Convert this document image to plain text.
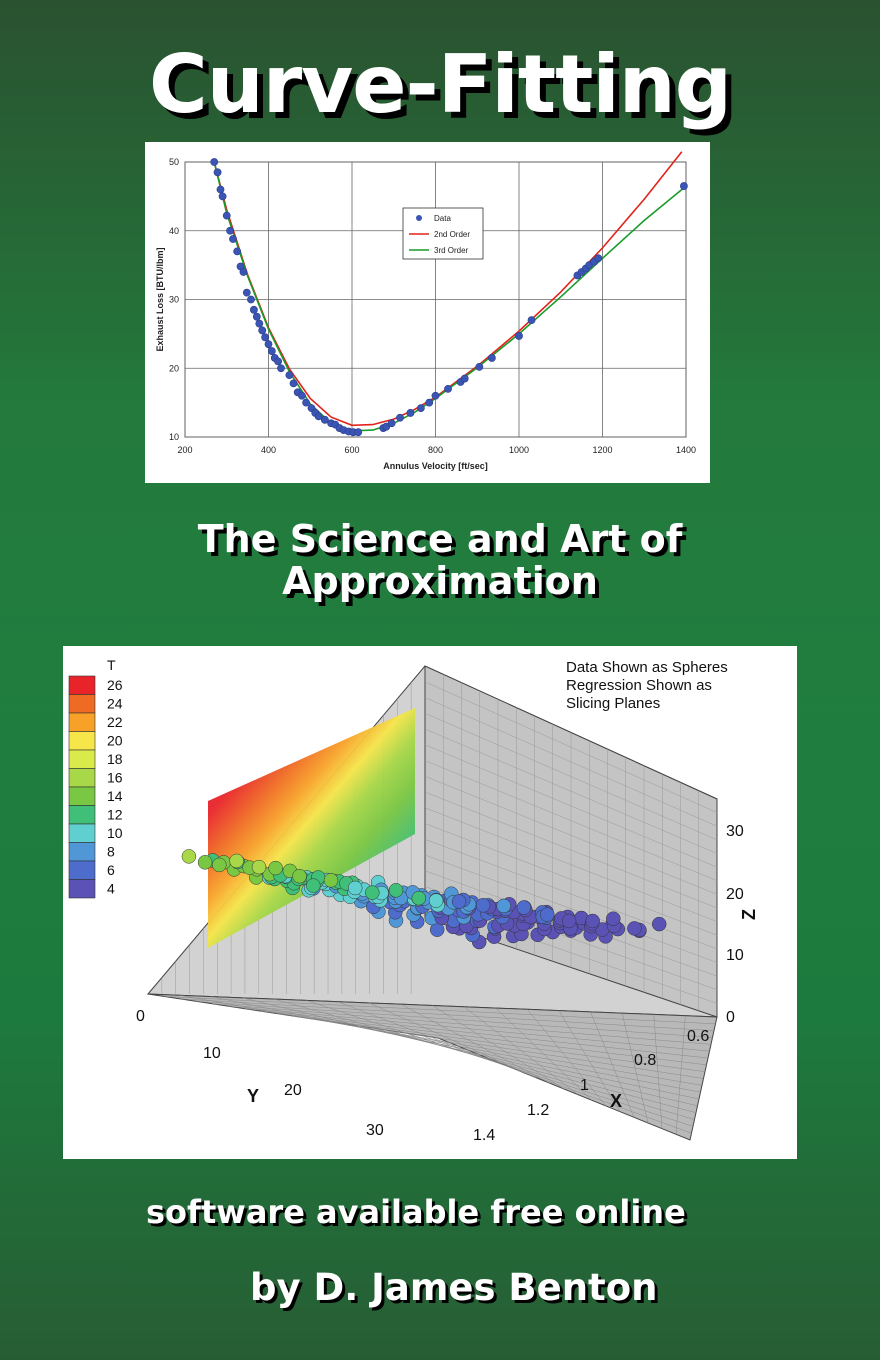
Curve-Fitting
200	400	600	800	1000	1200	1400
10
20
30
40
50
Annulus Velocity [ft/sec]
Exhaust Loss [BTU/lbm]
Data
2nd Order
3rd Order
The Science and Art of
Approximation
T
26
24
22
20
18
16
14
12
10
8
6
4
Data Shown as Spheres
Regression Shown as
Slicing Planes
0	0
10
20
30
Z
10
20
30
Y
0.6
0.8
1
1.2
1.4
X
software available free online
by D. James Benton
